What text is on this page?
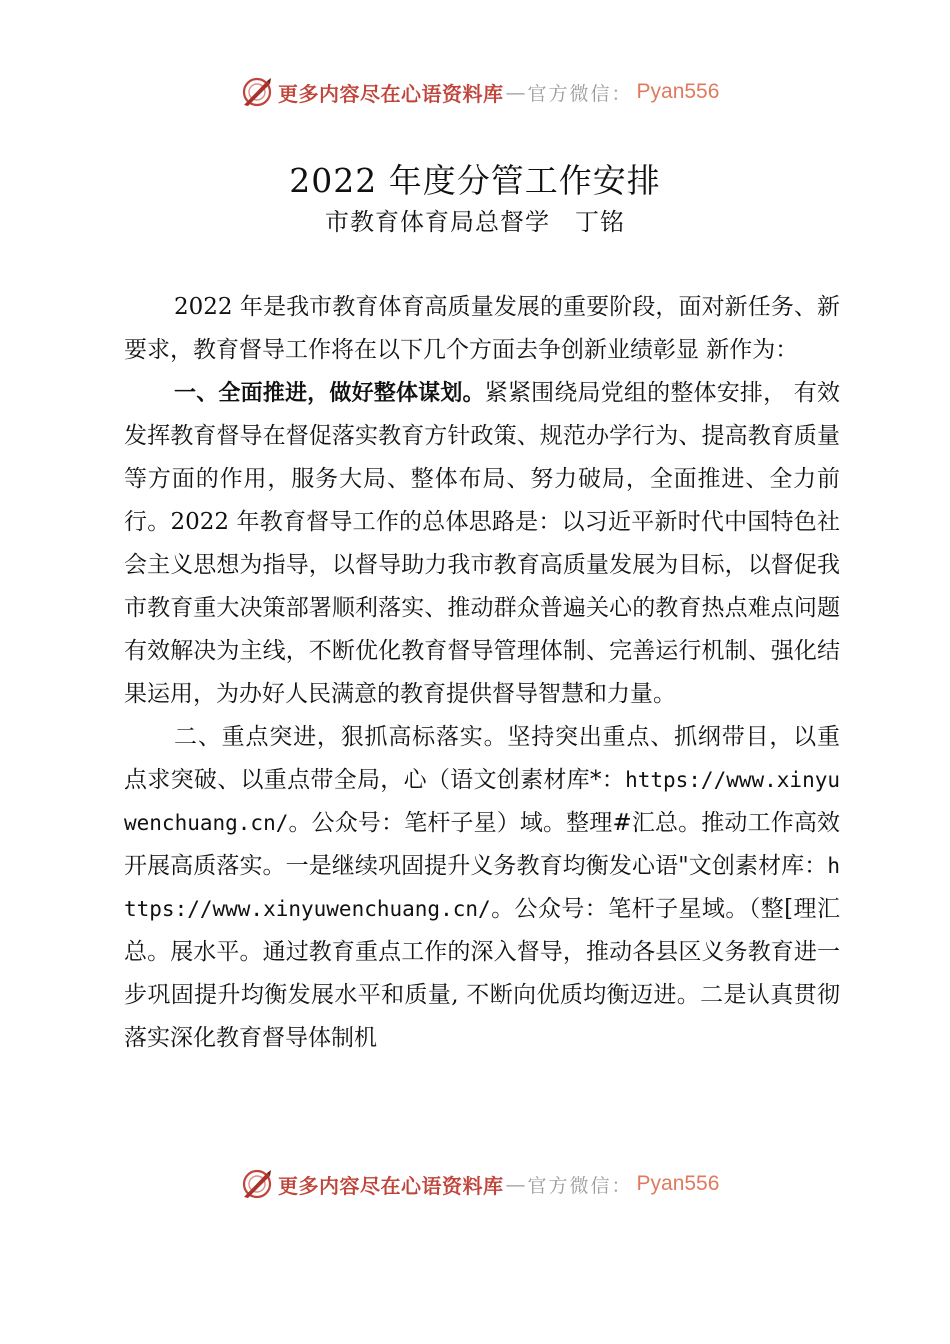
更多内容尽在心语资料库 — 官方微信： Pyan556
2022 年度分管工作安排
市教育体育局总督学　丁铭

2022 年是我市教育体育高质量发展的重要阶段，面对新任务、新要求，教育督导工作将在以下几个方面去争创新业绩彰显 新作为：

一、全面推进，做好整体谋划。紧紧围绕局党组的整体安排， 有效发挥教育督导在督促落实教育方针政策、规范办学行为、提高教育质量等方面的作用，服务大局、整体布局、努力破局，全面推进、全力前行。2022 年教育督导工作的总体思路是：以习近平新时代中国特色社会主义思想为指导，以督导助力我市教育高质量发展为目标，以督促我市教育重大决策部署顺利落实、推动群众普遍关心的教育热点难点问题有效解决为主线，不断优化教育督导管理体制、完善运行机制、强化结果运用，为办好人民满意的教育提供督导智慧和力量。

二、重点突进，狠抓高标落实。坚持突出重点、抓纲带目，以重点求突破、以重点带全局，心（语文创素材库*：https://www.xinyuwenchuang.cn/。公众号：笔杆子星）域。整理#汇总。推动工作高效开展高质落实。一是继续巩固提升义务教育均衡发心语"文创素材库：https://www.xinyuwenchuang.cn/。公众号：笔杆子星域。（整[理汇总。展水平。通过教育重点工作的深入督导，推动各县区义务教育进一步巩固提升均衡发展水平和质量, 不断向优质均衡迈进。二是认真贯彻落实深化教育督导体制机

更多内容尽在心语资料库 — 官方微信： Pyan556
